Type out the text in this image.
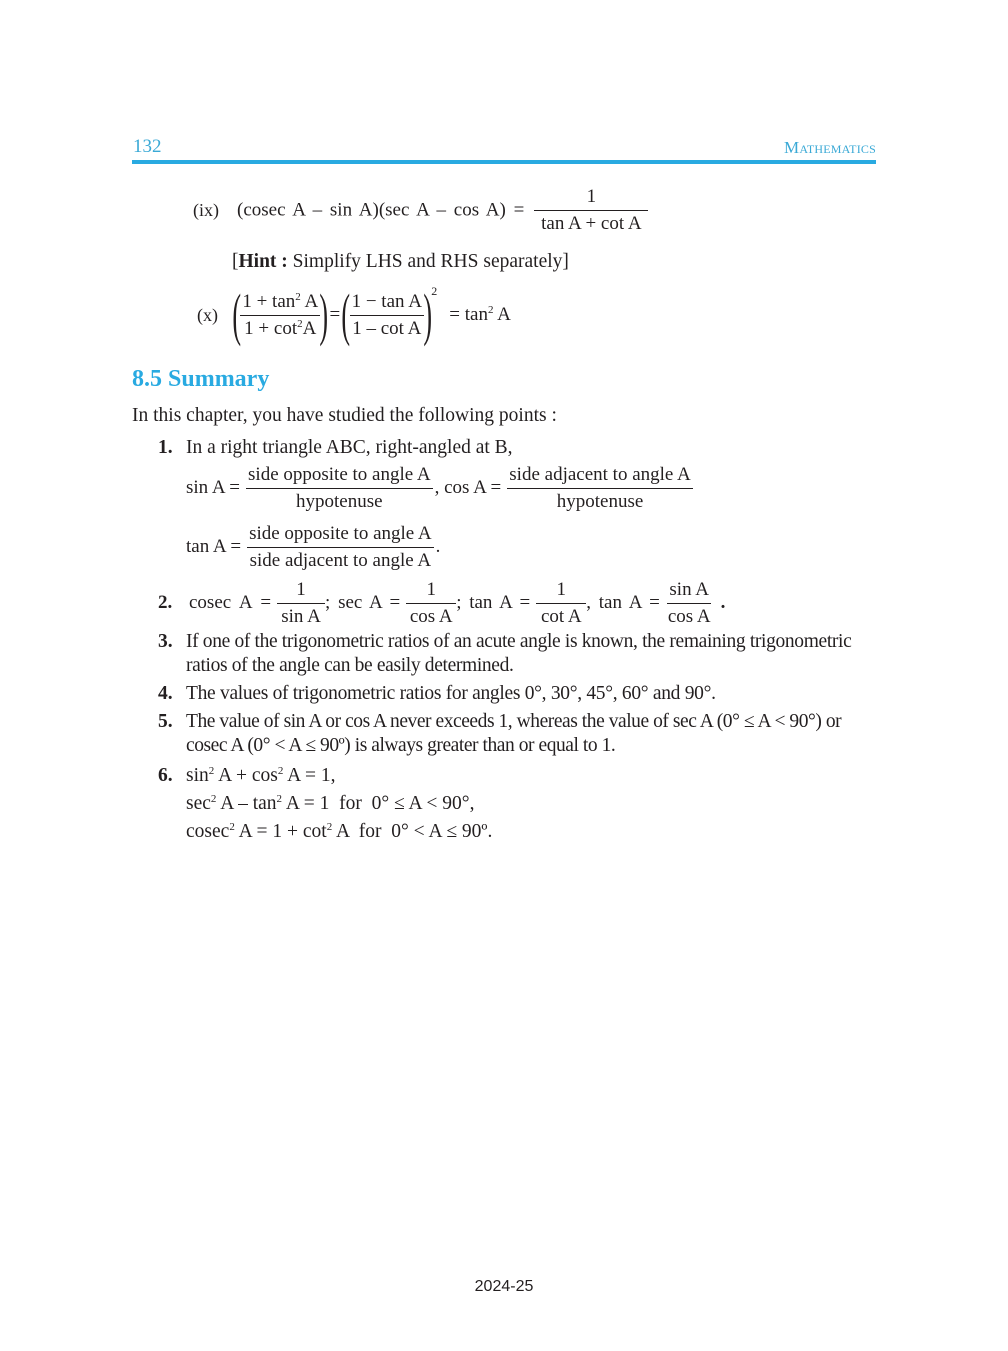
132	Mathematics
(ix) (cosec A – sin A)(sec $A - \cos A) = \frac{1}{\text{tan A + cot A}}$
[Hint : Simplify LHS and RHS separately]
(x) ( $\frac{1 + \tan^2 A}{1 + \cot^2A}$ ) = ( $\frac{\text{1 − tan A}}{\text{1 – cot A}}$ ) 2
= $\tan^2 A$
8.5 Summary
In this chapter, you have studied the following points :
1. In a right triangle ABC, right-angled at B,
$\sin A = \frac{\text{side opposite to angle A}}{\text{hypotenuse}}$ , $\cos A = \frac{\text{side adjacent to angle A}}{\text{hypotenuse}}$
$\tan A = \frac{\text{side opposite to angle A}}{\text{side adjacent to angle A}}$ .
2. cosec $A = \frac{1}{\text{sin A}}$ ; $\sec A = \frac{1}{\text{cos A}}$ ; $\tan A = \frac{1}{\text{cot A}}$ , $\tan A = \frac{\text{sin A}}{\text{cos A}}$ .
3. If one of the trigonometric ratios of an acute angle is known, the remaining trigonometric ratios of the angle can be easily determined.
4. The values of trigonometric ratios for angles 0°, 30°, 45°, 60° and 90°.
5. The value of sin A or cos A never exceeds 1, whereas the value of sec A (0° ≤ A < 90°) or cosec A (0° < A ≤ 90º) is always greater than or equal to 1.
6. $\sin^2 A + \cos^2 A = 1$,
$\sec^2 A - \tan^2 A = 1$  for  0° ≤ A < 90°,
cosec$^2$ $A = 1 + \cot^2 A$  for  0° < A ≤ 90º.
2024-25
